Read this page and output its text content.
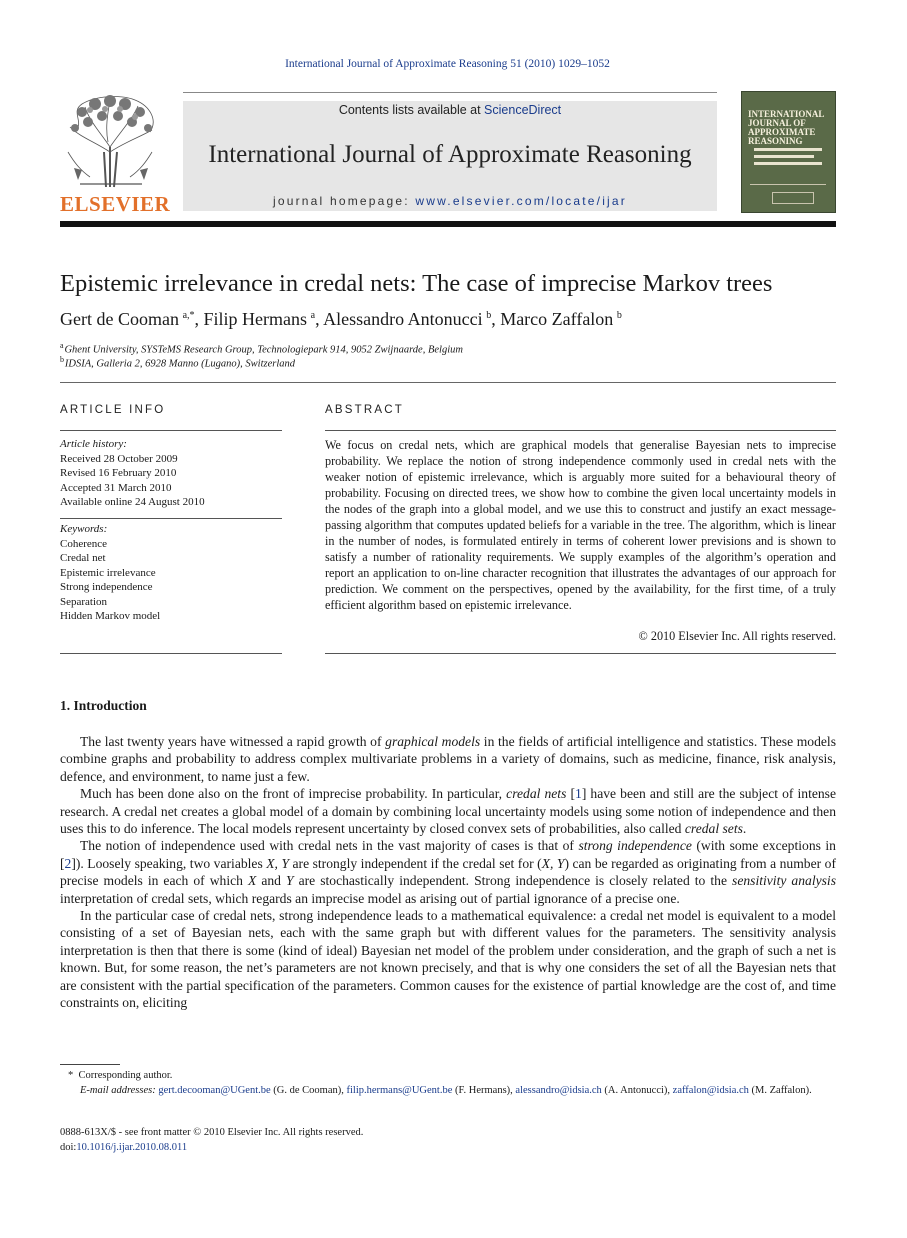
International Journal of Approximate Reasoning 51 (2010) 1029–1052
ELSEVIER
Contents lists available at ScienceDirect
International Journal of Approximate Reasoning
journal homepage: www.elsevier.com/locate/ijar
INTERNATIONAL JOURNAL OF APPROXIMATE REASONING
Epistemic irrelevance in credal nets: The case of imprecise Markov trees
Gert de Cooman  $^{a,*}$, Filip Hermans  $^a$, Alessandro Antonucci  $^b$, Marco Zaffalon  $^b$
$^a$ Ghent University, SYSTeMS Research Group, Technologiepark 914, 9052 Zwijnaarde, Belgium
$^b$ IDSIA, Galleria 2, 6928 Manno (Lugano), Switzerland
ARTICLE INFO
Article history:
Received 28 October 2009
Revised 16 February 2010
Accepted 31 March 2010
Available online 24 August 2010
Keywords:
Coherence
Credal net
Epistemic irrelevance
Strong independence
Separation
Hidden Markov model
ABSTRACT
We focus on credal nets, which are graphical models that generalise Bayesian nets to imprecise probability. We replace the notion of strong independence commonly used in credal nets with the weaker notion of epistemic irrelevance, which is arguably more suited for a behavioural theory of probability. Focusing on directed trees, we show how to combine the given local uncertainty models in the nodes of the graph into a global model, and we use this to construct and justify an exact message-passing algorithm that computes updated beliefs for a variable in the tree. The algorithm, which is linear in the number of nodes, is formulated entirely in terms of coherent lower previsions and is shown to satisfy a number of rationality requirements. We supply examples of the algorithm’s operation and report an application to on-line character recognition that illustrates the advantages of our approach for prediction. We comment on the perspectives, opened by the availability, for the first time, of a truly efficient algorithm based on epistemic irrelevance.
© 2010 Elsevier Inc. All rights reserved.
1. Introduction

The last twenty years have witnessed a rapid growth of graphical models in the fields of artificial intelligence and statistics. These models combine graphs and probability to address complex multivariate problems in a variety of domains, such as medicine, finance, risk analysis, defence, and environment, to name just a few.

Much has been done also on the front of imprecise probability. In particular, credal nets [1] have been and still are the subject of intense research. A credal net creates a global model of a domain by combining local uncertainty models using some notion of independence and then uses this to do inference. The local models represent uncertainty by closed convex sets of probabilities, also called credal sets.

The notion of independence used with credal nets in the vast majority of cases is that of strong independence (with some exceptions in [2]). Loosely speaking, two variables X, Y are strongly independent if the credal set for (X, Y) can be regarded as originating from a number of precise models in each of which X and Y are stochastically independent. Strong independence is closely related to the sensitivity analysis interpretation of credal sets, which regards an imprecise model as arising out of partial ignorance of a precise one.

In the particular case of credal nets, strong independence leads to a mathematical equivalence: a credal net model is equivalent to a model consisting of a set of Bayesian nets, each with the same graph but with different values for the parameters. The sensitivity analysis interpretation is then that there is some (kind of ideal) Bayesian net model of the problem under consideration, and the graph of such a net is known. But, for some reason, the net’s parameters are not known precisely, and that is why one considers the set of all the Bayesian nets that are consistent with the partial specification of the parameters. Common causes for the existence of partial knowledge are the cost of, and time constraints on, eliciting

*  Corresponding author.
E-mail addresses: gert.decooman@UGent.be (G. de Cooman), filip.hermans@UGent.be (F. Hermans), alessandro@idsia.ch (A. Antonucci), zaffalon@idsia.ch (M. Zaffalon).
0888-613X/$ - see front matter © 2010 Elsevier Inc. All rights reserved.
doi:10.1016/j.ijar.2010.08.011
